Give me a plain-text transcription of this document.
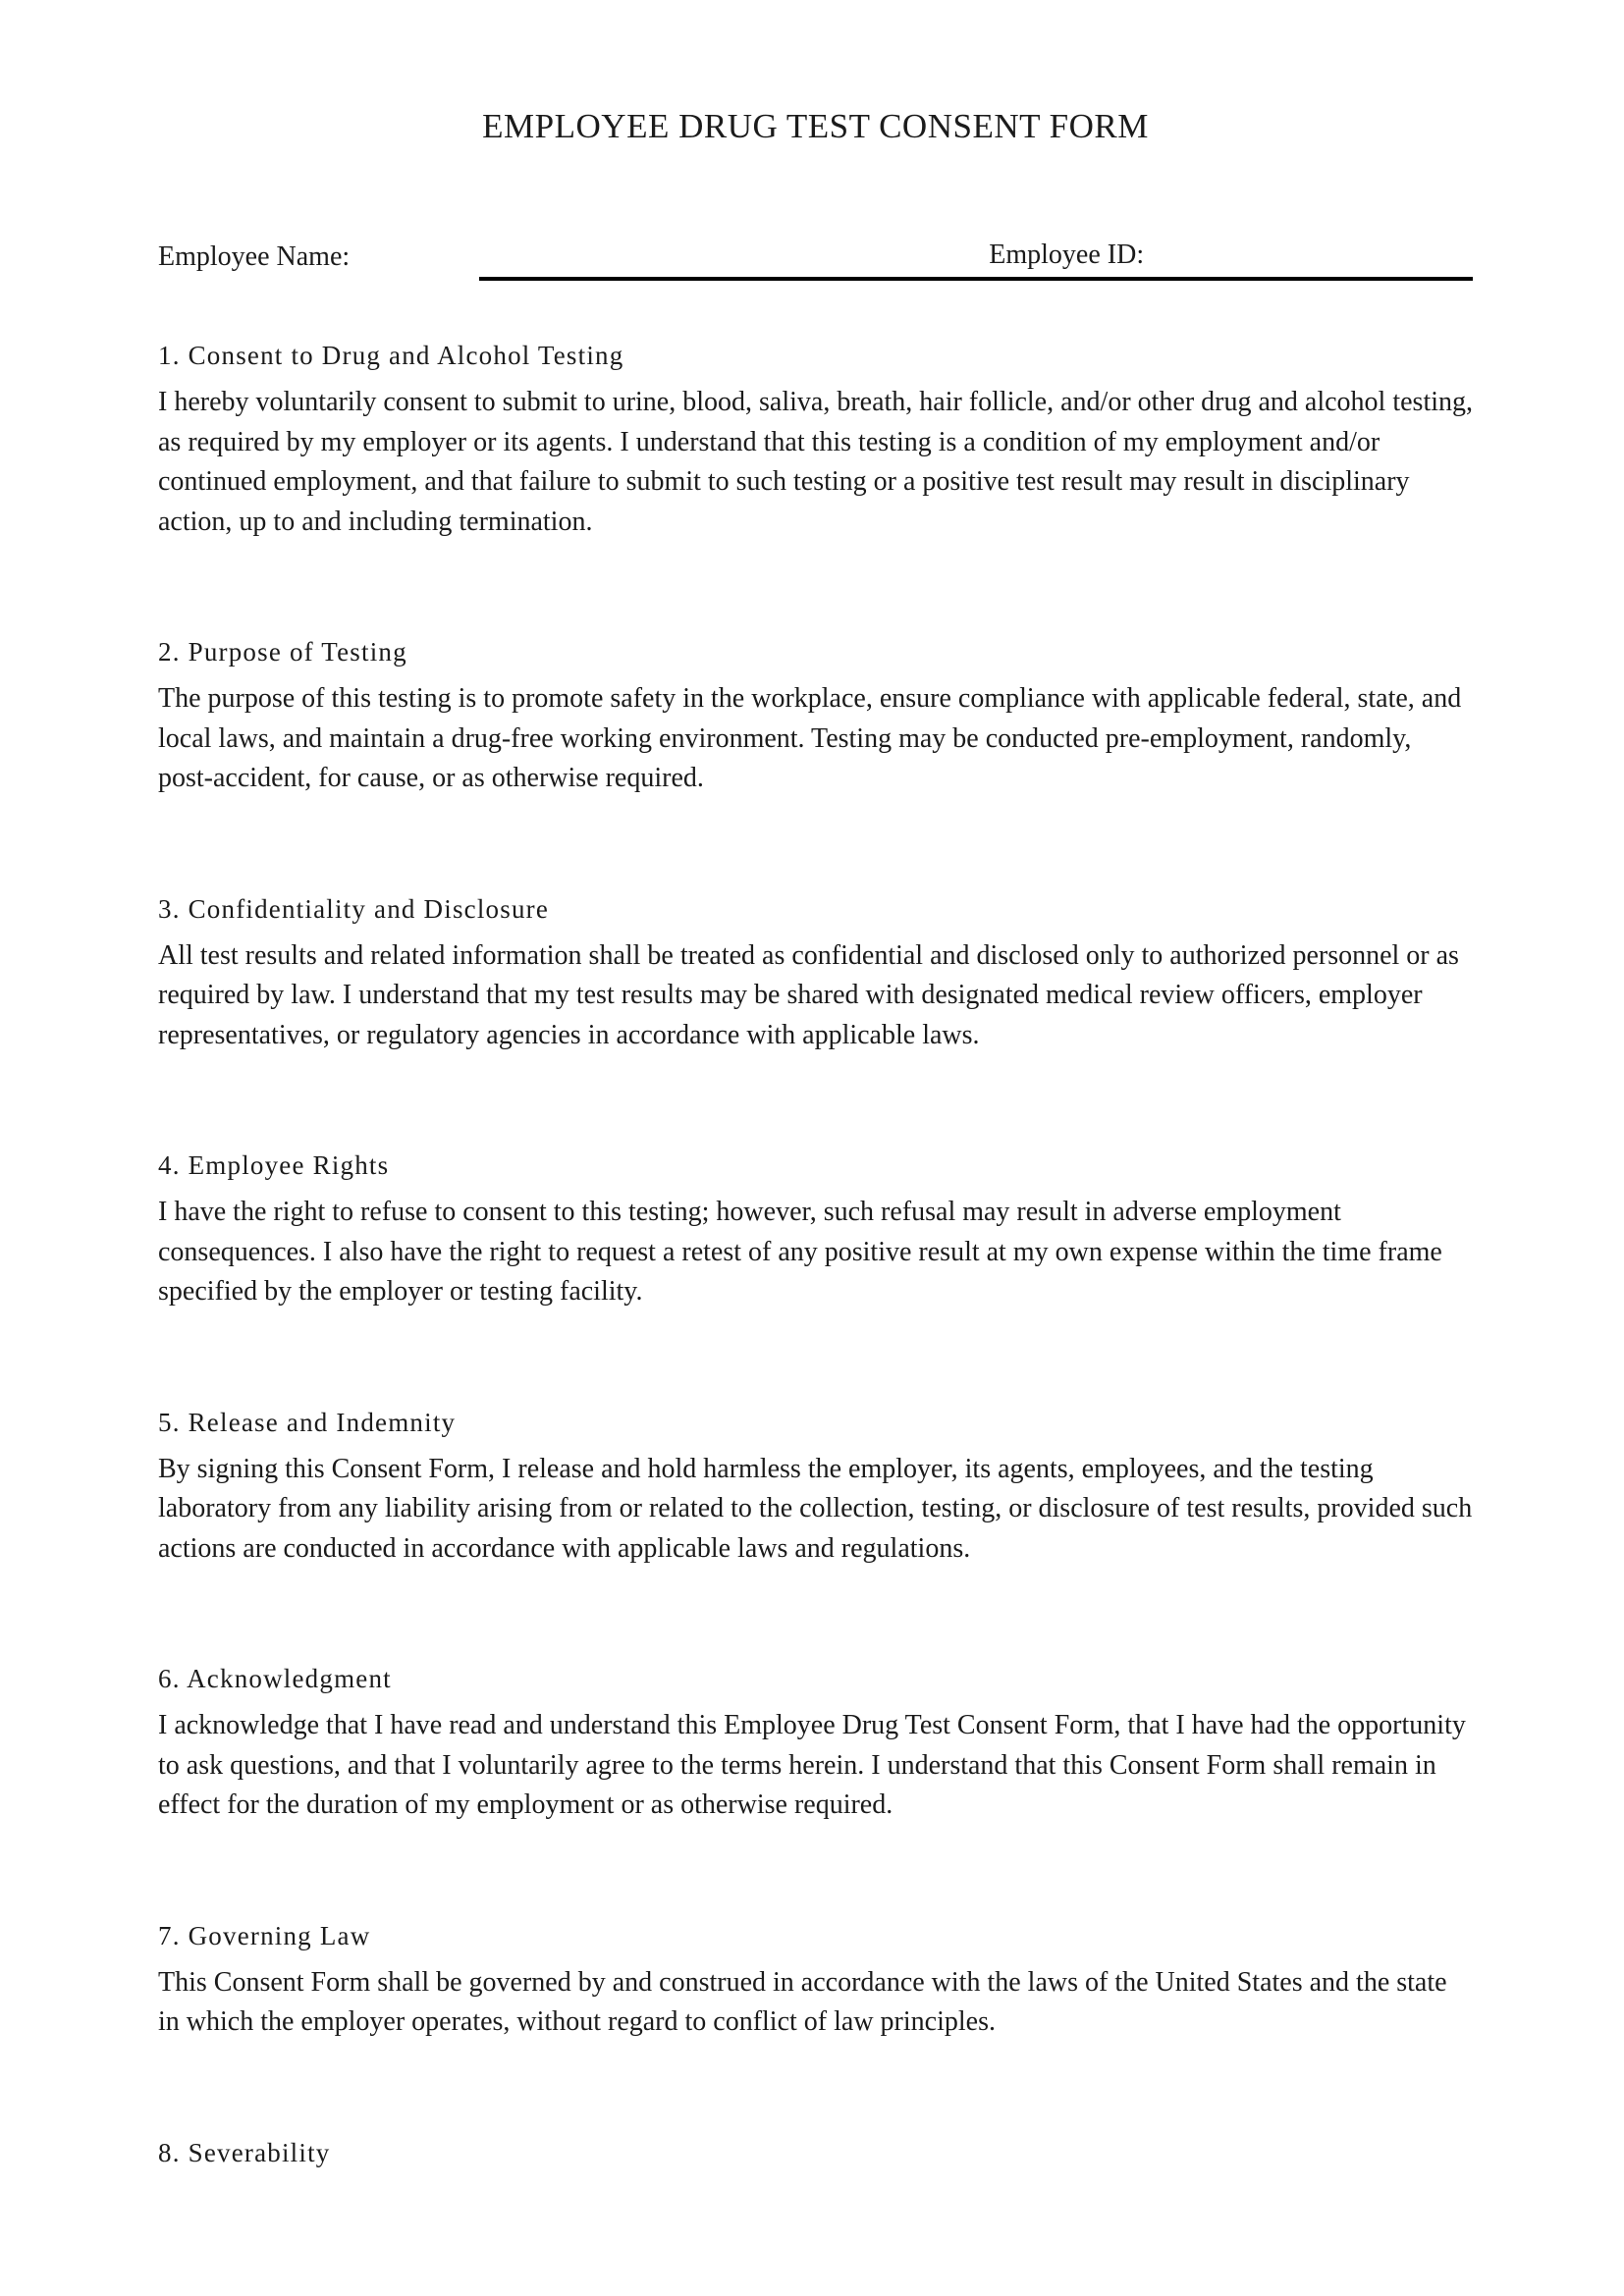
EMPLOYEE DRUG TEST CONSENT FORM
Employee Name:	Employee ID:
1. Consent to Drug and Alcohol Testing

I hereby voluntarily consent to submit to urine, blood, saliva, breath, hair follicle, and/or other drug and alcohol testing, as required by my employer or its agents. I understand that this testing is a condition of my employment and/or continued employment, and that failure to submit to such testing or a positive test result may result in disciplinary action, up to and including termination.

2. Purpose of Testing

The purpose of this testing is to promote safety in the workplace, ensure compliance with applicable federal, state, and local laws, and maintain a drug-free working environment. Testing may be conducted pre-employment, randomly, post-accident, for cause, or as otherwise required.

3. Confidentiality and Disclosure

All test results and related information shall be treated as confidential and disclosed only to authorized personnel or as required by law. I understand that my test results may be shared with designated medical review officers, employer representatives, or regulatory agencies in accordance with applicable laws.

4. Employee Rights

I have the right to refuse to consent to this testing; however, such refusal may result in adverse employment consequences. I also have the right to request a retest of any positive result at my own expense within the time frame specified by the employer or testing facility.

5. Release and Indemnity

By signing this Consent Form, I release and hold harmless the employer, its agents, employees, and the testing laboratory from any liability arising from or related to the collection, testing, or disclosure of test results, provided such actions are conducted in accordance with applicable laws and regulations.

6. Acknowledgment

I acknowledge that I have read and understand this Employee Drug Test Consent Form, that I have had the opportunity to ask questions, and that I voluntarily agree to the terms herein. I understand that this Consent Form shall remain in effect for the duration of my employment or as otherwise required.

7. Governing Law

This Consent Form shall be governed by and construed in accordance with the laws of the United States and the state in which the employer operates, without regard to conflict of law principles.

8. Severability
